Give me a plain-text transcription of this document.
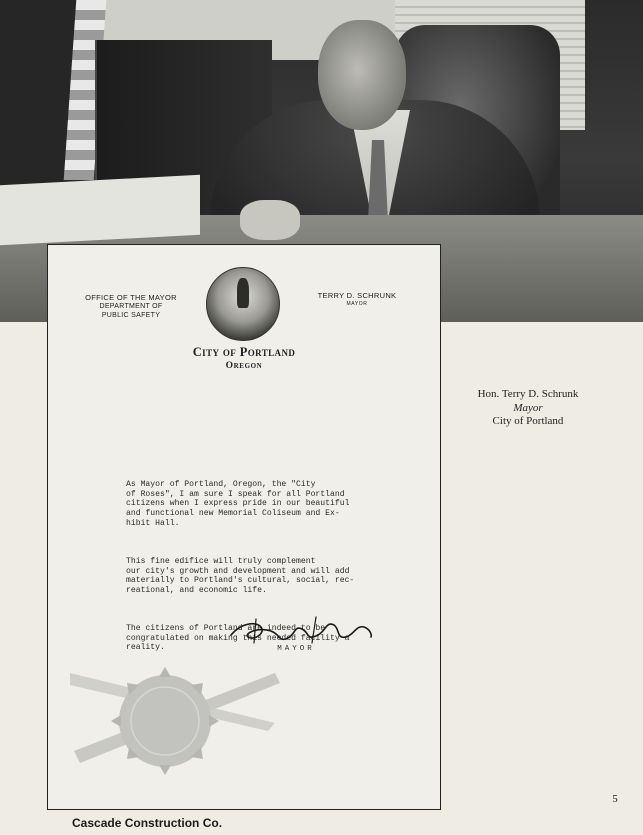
OFFICE OF THE MAYOR
DEPARTMENT OF
PUBLIC SAFETY
TERRY D. SCHRUNK
MAYOR
City of Portland
Oregon

As Mayor of Portland, Oregon, the "City
of Roses", I am sure I speak for all Portland
citizens when I express pride in our beautiful
and functional new Memorial Coliseum and Ex-
hibit Hall.

This fine edifice will truly complement
our city's growth and development and will add
materially to Portland's cultural, social, rec-
reational, and economic life.

The citizens of Portland are indeed to be
congratulated on making this needed facility a
reality.

	MAYOR
Hon. Terry D. Schrunk
Mayor
City of Portland
5
Cascade Construction Co.
